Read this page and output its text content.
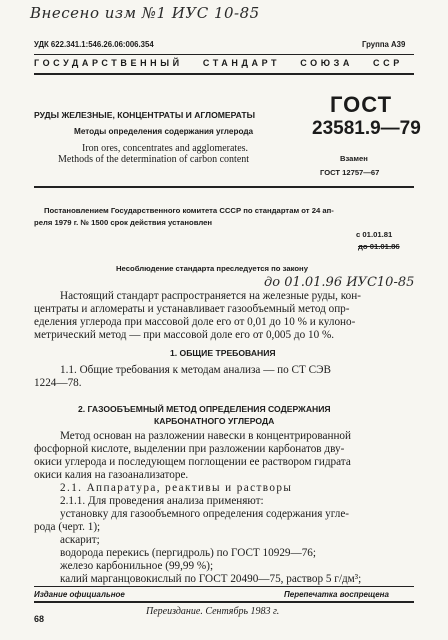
Внесено изм №1 ИУС 10-85
УДК 622.341.1:546.26.06:006.354	Группа А39
ГОСУДАРСТВЕННЫЙ СТАНДАРТ СОЮЗА ССР
РУДЫ ЖЕЛЕЗНЫЕ, КОНЦЕНТРАТЫ И АГЛОМЕРАТЫ
Методы определения содержания углерода
Iron ores, concentrates and agglomerates.
Methods of the determination of carbon content
ГОСТ
23581.9—79
Взамен
ГОСТ 12757—67
Постановлением Государственного комитета СССР по стандартам от 24 ап-
реля 1979 г. № 1500 срок действия установлен
с 01.01.81
до 01.01.86
Несоблюдение стандарта преследуется по закону
до 01.01.96 ИУС10-85
Настоящий стандарт распространяется на железные руды, кон-
центраты и агломераты и устанавливает газообъемный метод опр-
еделения углерода при массовой доле его от 0,01 до 10 % и кулоно-
метрический метод — при массовой доле его от 0,005 до 10 %.
1. ОБЩИЕ ТРЕБОВАНИЯ
1.1. Общие требования к методам анализа — по СТ СЭВ
1224—78.
2. ГАЗООБЪЕМНЫЙ МЕТОД ОПРЕДЕЛЕНИЯ СОДЕРЖАНИЯ
КАРБОНАТНОГО УГЛЕРОДА
Метод основан на разложении навески в концентрированной
фосфорной кислоте, выделении при разложении карбонатов дву-
окиси углерода и последующем поглощении ее раствором гидрата
окиси калия на газоанализаторе.
2.1. Аппаратура, реактивы и растворы
2.1.1. Для проведения анализа применяют:
установку для газообъемного определения содержания угле-
рода (черт. 1);
аскарит;
водорода перекись (пергидроль) по ГОСТ 10929—76;
железо карбонильное (99,99 %);
калий марганцовокислый по ГОСТ 20490—75, раствор 5 г/дм³;
Издание официальное	Перепечатка воспрещена
Переиздание. Сентябрь 1983 г.
68
